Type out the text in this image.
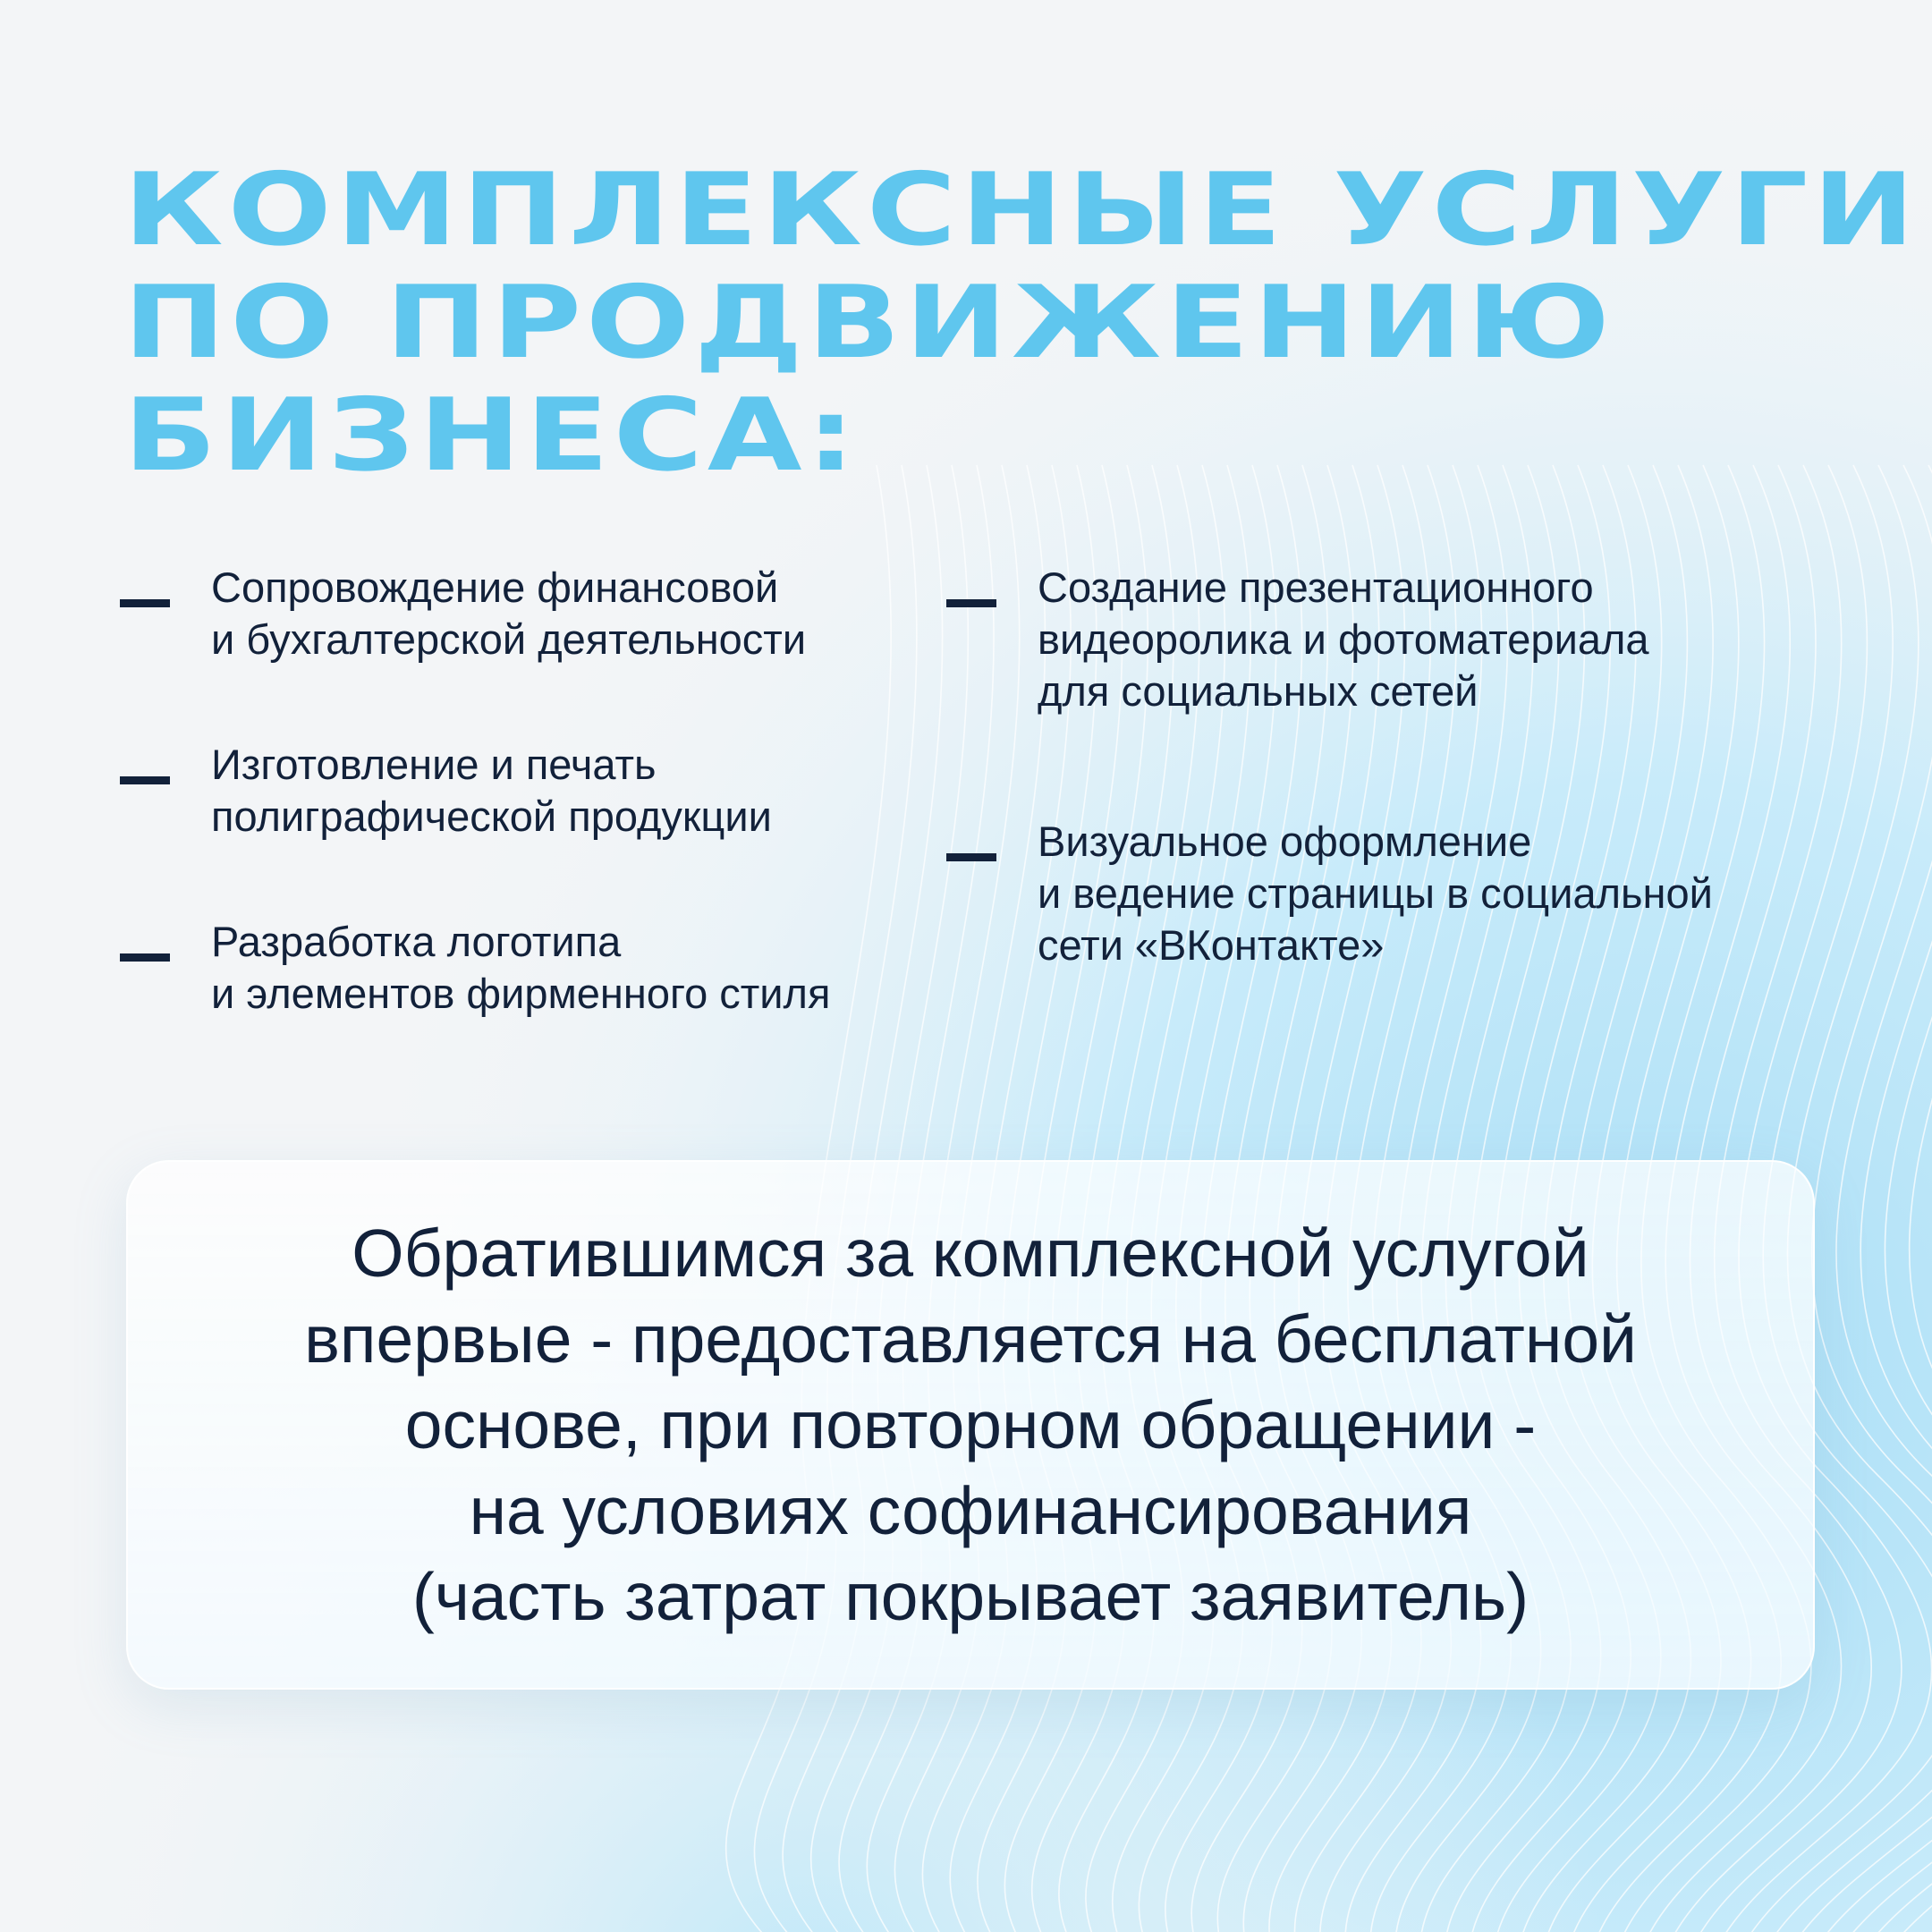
КОМПЛЕКСНЫЕ УСЛУГИ
ПО ПРОДВИЖЕНИЮ
БИЗНЕСА:
Сопровождение финансовой
и бухгалтерской деятельности
Изготовление и печать
полиграфической продукции
Разработка логотипа
и элементов фирменного стиля
Создание презентационного
видеоролика и фотоматериала
для социальных сетей
Визуальное оформление
и ведение страницы в социальной
сети «ВКонтакте»

Обратившимся за комплексной услугой
впервые - предоставляется на бесплатной
основе, при повторном обращении -
на условиях софинансирования
(часть затрат покрывает заявитель)
